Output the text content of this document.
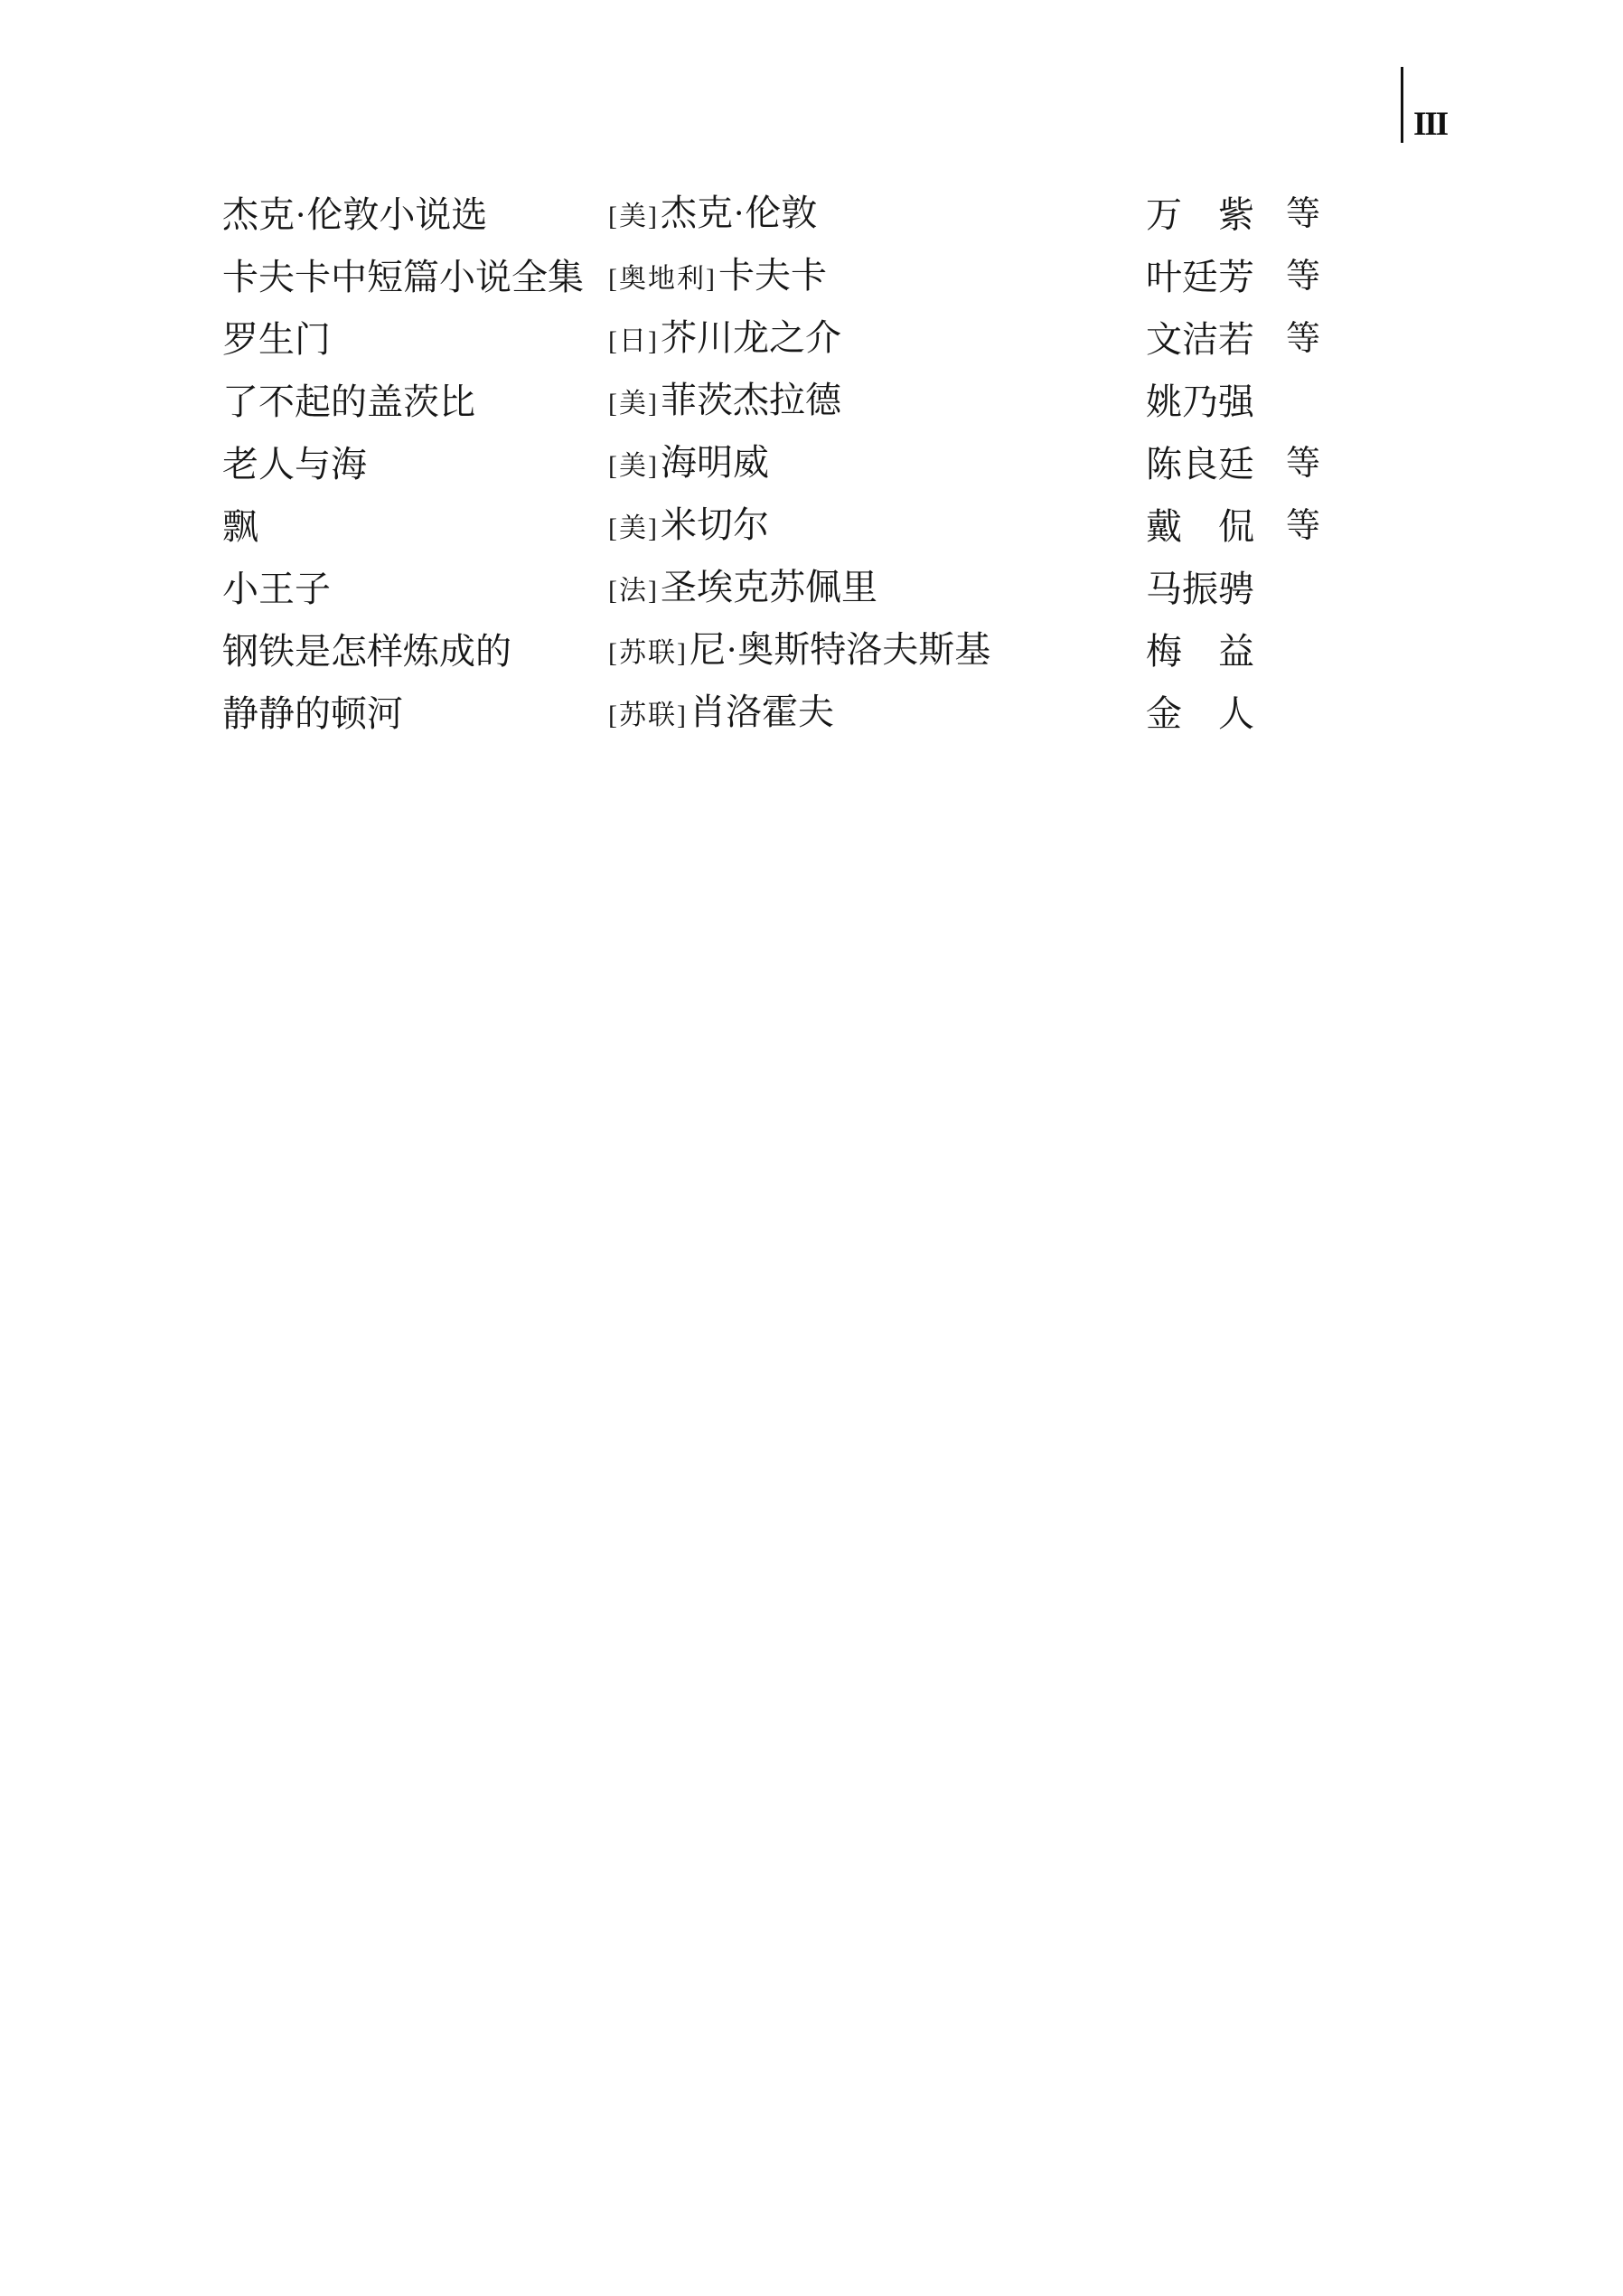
III
杰克·伦敦小说选	[美]杰克·伦敦	万　紫 等
卡夫卡中短篇小说全集 [奥地利]卡夫卡	叶廷芳 等
罗生门	[日]芥川龙之介	文洁若 等
了不起的盖茨比	[美]菲茨杰拉德	姚乃强
老人与海	[美]海明威	陈良廷 等
飘	[美]米切尔	戴　侃 等
小王子	[法]圣埃克苏佩里	马振骋
钢铁是怎样炼成的	[苏联]尼·奥斯特洛夫斯基	梅　益
静静的顿河	[苏联]肖洛霍夫	金　人
